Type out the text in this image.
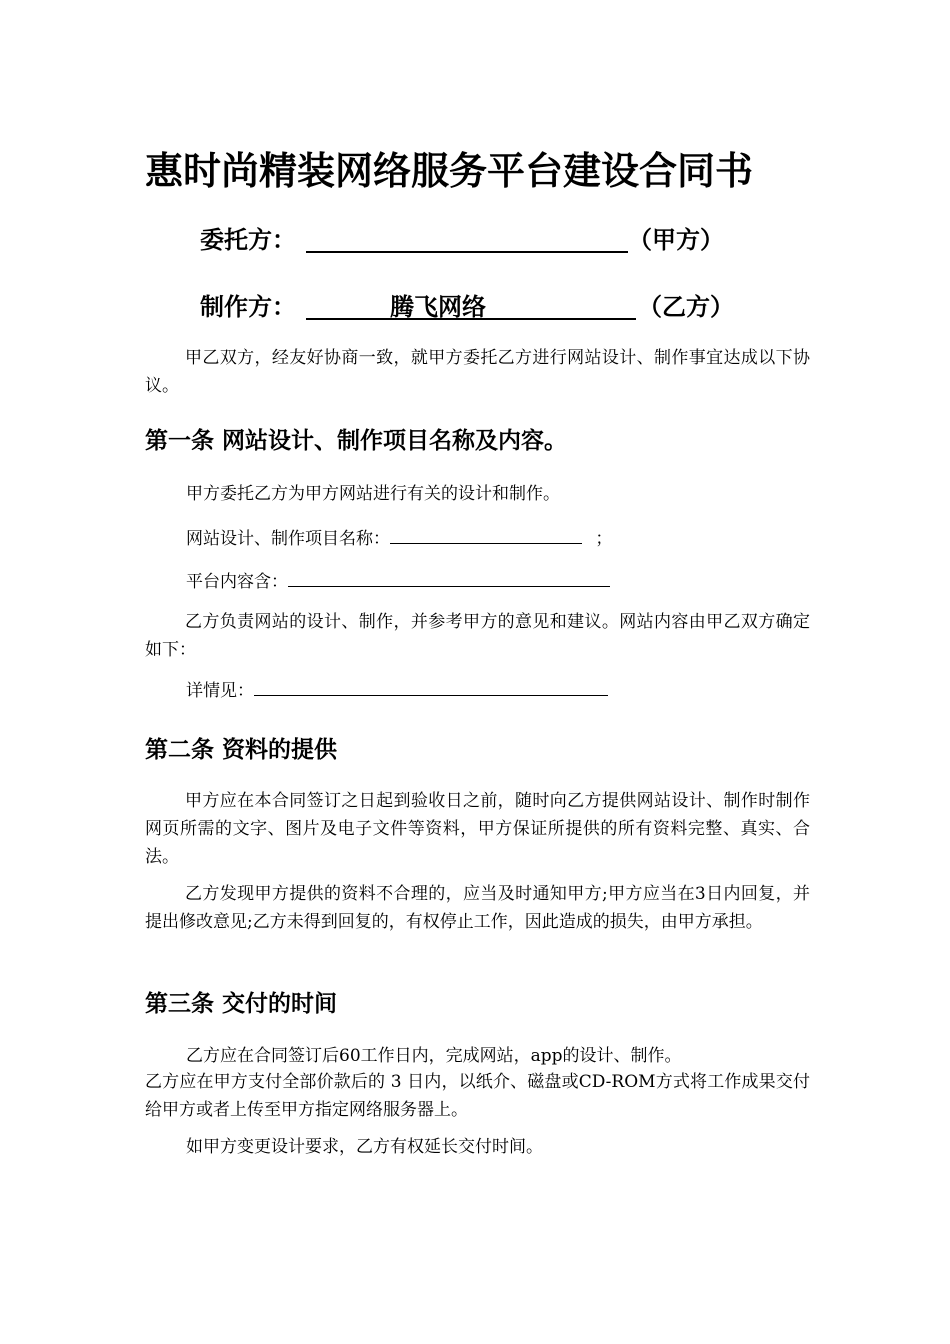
惠时尚精装网络服务平台建设合同书
委托方：	（甲方）
制作方：	腾飞网络	（乙方）

甲乙双方，经友好协商一致，就甲方委托乙方进行网站设计、制作事宜达成以下协议。

第一条 网站设计、制作项目名称及内容。
甲方委托乙方为甲方网站进行有关的设计和制作。
网站设计、制作项目名称：	；
平台内容含：

乙方负责网站的设计、制作，并参考甲方的意见和建议。网站内容由甲乙双方确定如下：

详情见：
第二条 资料的提供

甲方应在本合同签订之日起到验收日之前，随时向乙方提供网站设计、制作时制作网页所需的文字、图片及电子文件等资料，甲方保证所提供的所有资料完整、真实、合法。

乙方发现甲方提供的资料不合理的，应当及时通知甲方;甲方应当在3日内回复，并提出修改意见;乙方未得到回复的，有权停止工作，因此造成的损失，由甲方承担。

第三条 交付的时间
乙方应在合同签订后60工作日内，完成网站，app的设计、制作。

乙方应在甲方支付全部价款后的 3 日内，以纸介、磁盘或CD-ROM方式将工作成果交付给甲方或者上传至甲方指定网络服务器上。

如甲方变更设计要求，乙方有权延长交付时间。
